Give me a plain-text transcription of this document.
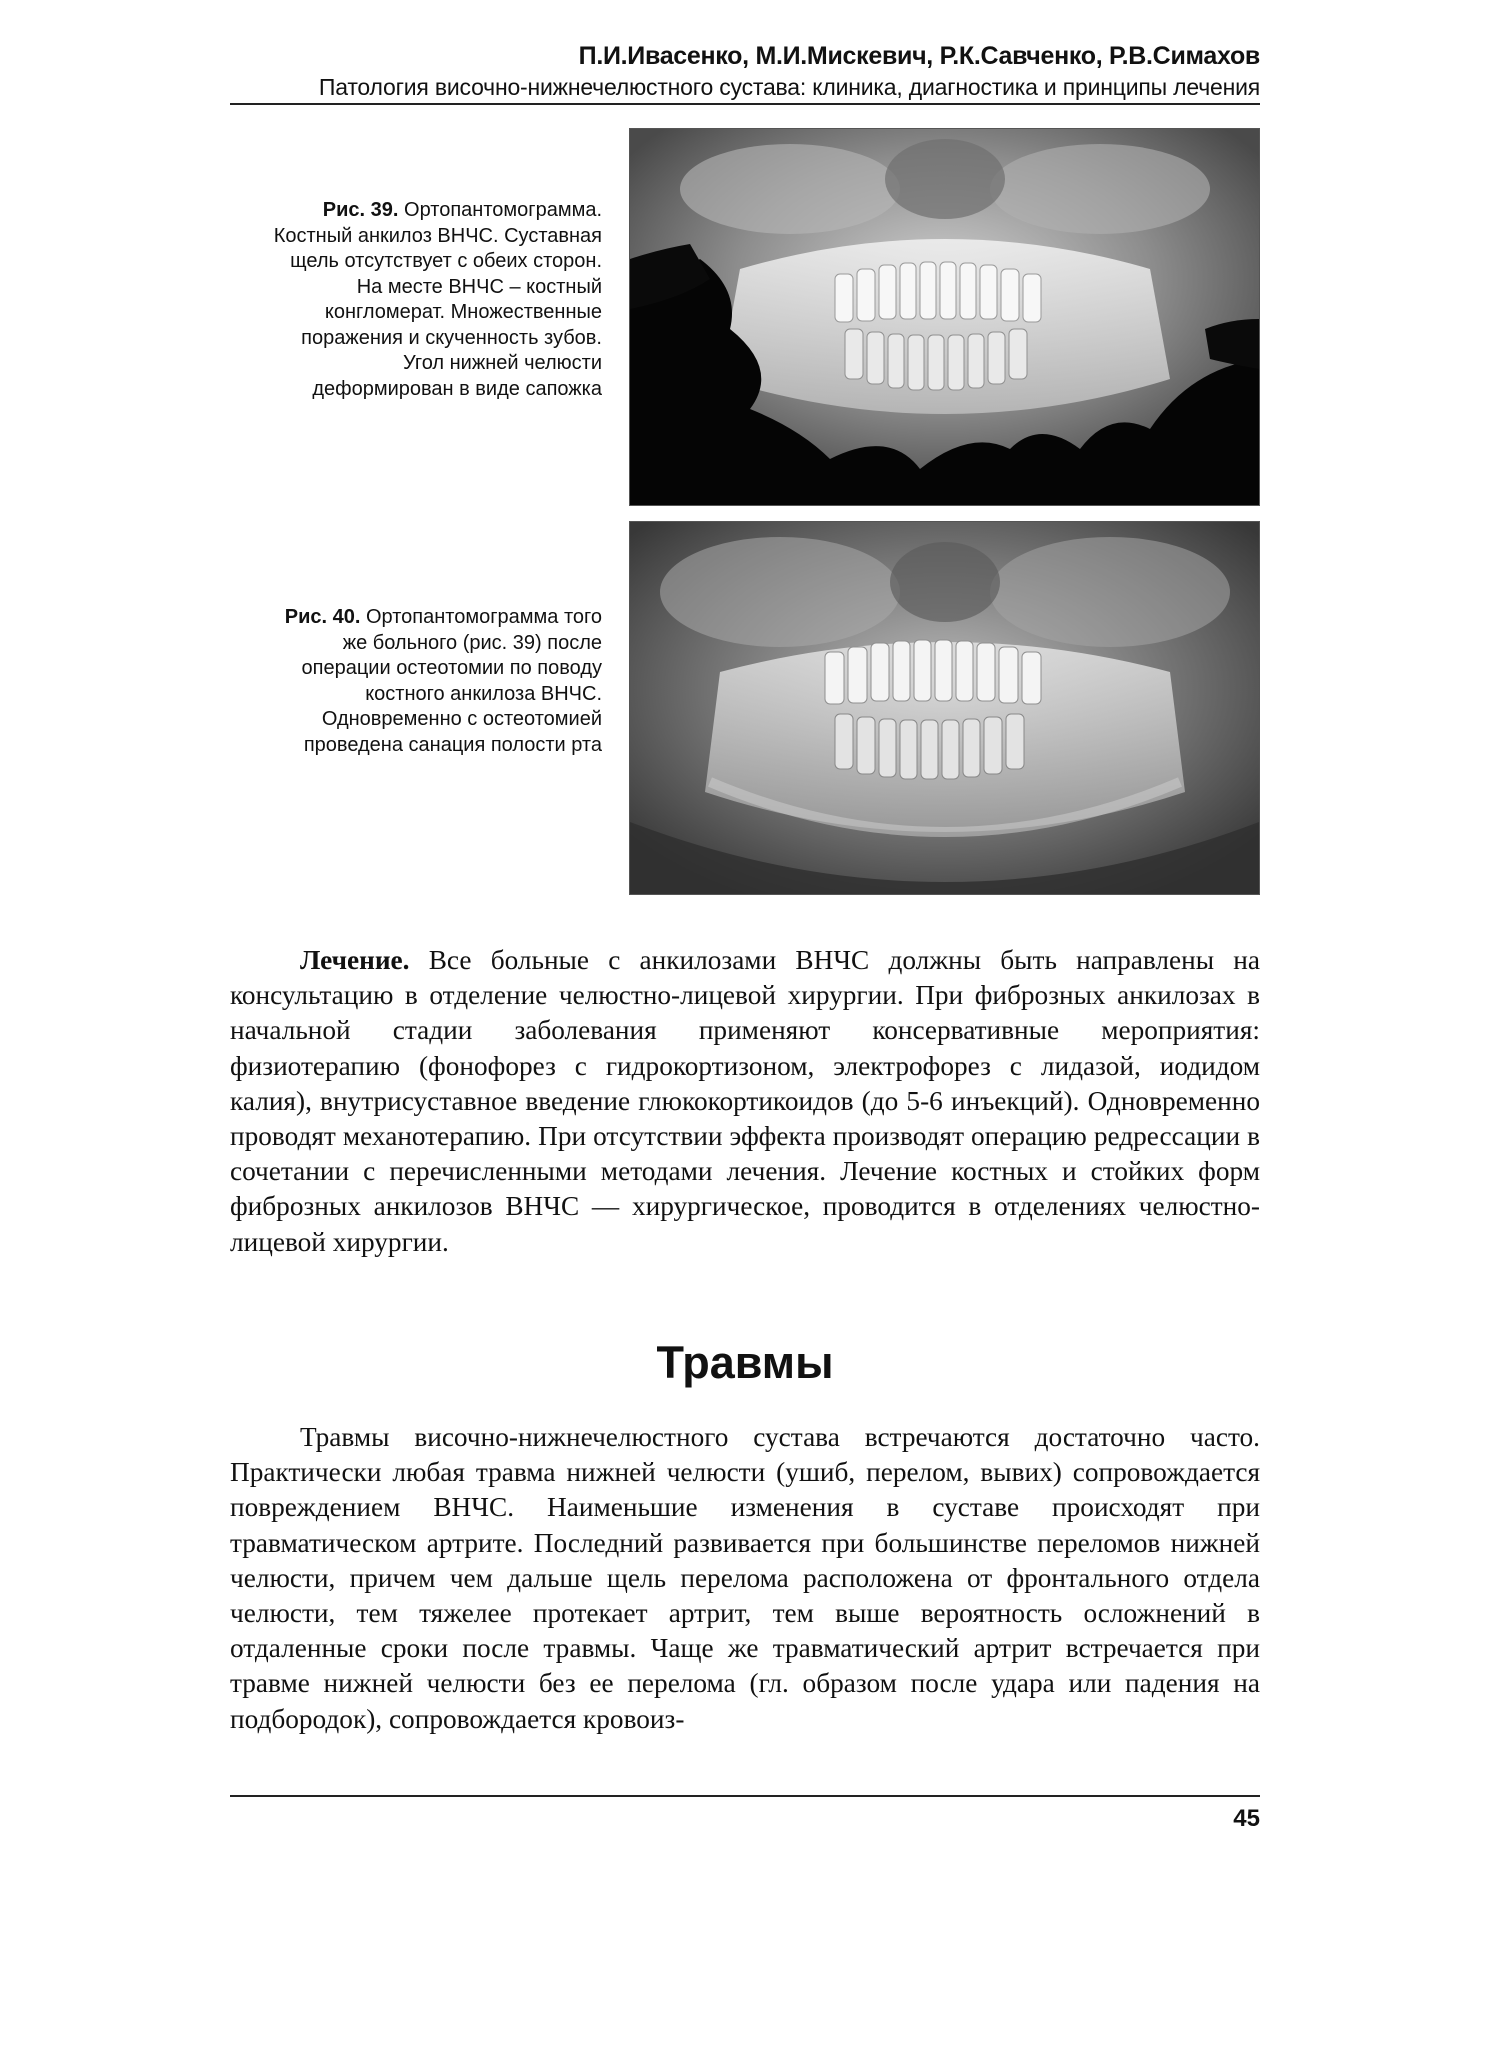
П.И.Ивасенко, М.И.Мискевич, Р.К.Савченко, Р.В.Симахов
Патология височно-нижнечелюстного сустава: клиника, диагностика и принципы лечения
Рис. 39. Ортопантомограмма. Костный анкилоз ВНЧС. Суставная щель отсутствует с обеих сторон. На месте ВНЧС – костный конгломерат. Множественные поражения и скученность зубов. Угол нижней челюсти деформирован в виде сапожка
Рис. 40. Ортопантомограмма того же больного (рис. 39) после операции остеотомии по поводу костного анкилоза ВНЧС. Одновременно с остеотомией проведена санация полости рта

Лечение. Все больные с анкилозами ВНЧС должны быть направлены на консультацию в отделение челюстно-лицевой хирургии. При фиброзных анкилозах в начальной стадии заболевания применяют консервативные мероприятия: физиотерапию (фонофорез с гидрокортизоном, электрофорез с лидазой, иодидом калия), внутрисуставное введение глюкокортикоидов (до 5-6 инъекций). Одновременно проводят механотерапию. При отсутствии эффекта производят операцию редрессации в сочетании с перечисленными методами лечения. Лечение костных и стойких форм фиброзных анкилозов ВНЧС — хирургическое, проводится в отделениях челюстно-лицевой хирургии.

Травмы

Травмы височно-нижнечелюстного сустава встречаются достаточно часто. Практически любая травма нижней челюсти (ушиб, перелом, вывих) сопровождается повреждением ВНЧС. Наименьшие изменения в суставе происходят при травматическом артрите. Последний развивается при большинстве переломов нижней челюсти, причем чем дальше щель перелома расположена от фронтального отдела челюсти, тем тяжелее протекает артрит, тем выше вероятность осложнений в отдаленные сроки после травмы. Чаще же травматический артрит встречается при травме нижней челюсти без ее перелома (гл. образом после удара или падения на подбородок), сопровождается кровоиз-

45
